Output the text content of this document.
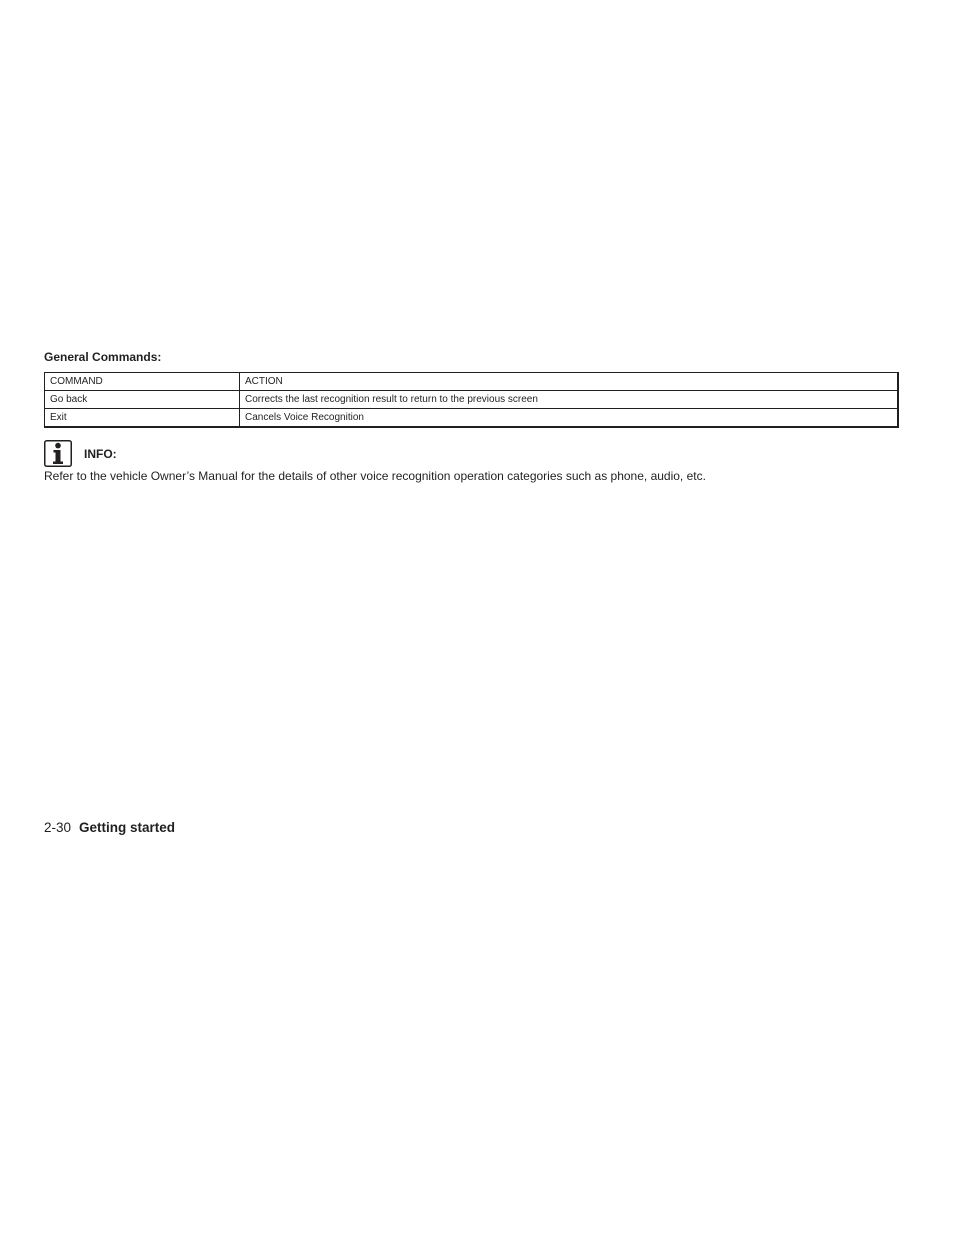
General Commands:
COMMAND	ACTION
Go back	Corrects the last recognition result to return to the previous screen
Exit	Cancels Voice Recognition
INFO:

Refer to the vehicle Owner’s Manual for the details of other voice recognition operation categories such as phone, audio, etc.

2-30 Getting started
